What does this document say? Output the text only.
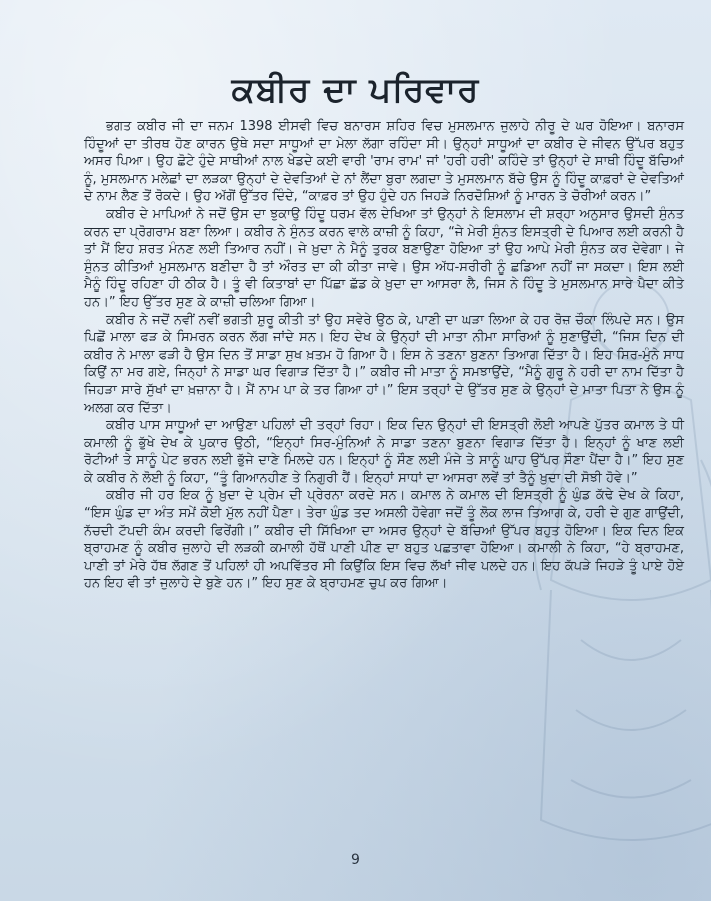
ਕਬੀਰ ਦਾ ਪਰਿਵਾਰ

ਭਗਤ ਕਬੀਰ ਜੀ ਦਾ ਜਨਮ 1398 ਈਸਵੀ ਵਿਚ ਬਨਾਰਸ ਸ਼ਹਿਰ ਵਿਚ ਮੁਸਲਮਾਨ ਜੁਲਾਹੇ ਨੀਰੂ ਦੇ ਘਰ ਹੋਇਆ। ਬਨਾਰਸ ਹਿੰਦੂਆਂ ਦਾ ਤੀਰਥ ਹੋਣ ਕਾਰਨ ਉਥੇ ਸਦਾ ਸਾਧੂਆਂ ਦਾ ਮੇਲਾ ਲੱਗਾ ਰਹਿੰਦਾ ਸੀ। ਉਨ੍ਹਾਂ ਸਾਧੂਆਂ ਦਾ ਕਬੀਰ ਦੇ ਜੀਵਨ ਉੱਪਰ ਬਹੁਤ ਅਸਰ ਪਿਆ। ਉਹ ਛੋਟੇ ਹੁੰਦੇ ਸਾਥੀਆਂ ਨਾਲ ਖੇਡਦੇ ਕਈ ਵਾਰੀ 'ਰਾਮ ਰਾਮ' ਜਾਂ 'ਹਰੀ ਹਰੀ' ਕਹਿੰਦੇ ਤਾਂ ਉਨ੍ਹਾਂ ਦੇ ਸਾਥੀ ਹਿੰਦੂ ਬੱਚਿਆਂ ਨੂੰ, ਮੁਸਲਮਾਨ ਮਲੇਛਾਂ ਦਾ ਲੜਕਾ ਉਨ੍ਹਾਂ ਦੇ ਦੇਵਤਿਆਂ ਦੇ ਨਾਂ ਲੈਂਦਾ ਬੁਰਾ ਲਗਦਾ ਤੇ ਮੁਸਲਮਾਨ ਬੱਚੇ ਉਸ ਨੂੰ ਹਿੰਦੂ ਕਾਫ਼ਰਾਂ ਦੇ ਦੇਵਤਿਆਂ ਦੇ ਨਾਮ ਲੈਣ ਤੋਂ ਰੋਕਦੇ। ਉਹ ਅੱਗੋਂ ਉੱਤਰ ਦਿੰਦੇ, “ਕਾਫ਼ਰ ਤਾਂ ਉਹ ਹੁੰਦੇ ਹਨ ਜਿਹੜੇ ਨਿਰਦੋਸ਼ਿਆਂ ਨੂੰ ਮਾਰਨ ਤੇ ਚੋਰੀਆਂ ਕਰਨ।”

ਕਬੀਰ ਦੇ ਮਾਪਿਆਂ ਨੇ ਜਦੋਂ ਉਸ ਦਾ ਝੁਕਾਉ ਹਿੰਦੂ ਧਰਮ ਵੱਲ ਦੇਖਿਆ ਤਾਂ ਉਨ੍ਹਾਂ ਨੇ ਇਸਲਾਮ ਦੀ ਸ਼ਰ੍ਹਾ ਅਨੁਸਾਰ ਉਸਦੀ ਸੁੰਨਤ ਕਰਨ ਦਾ ਪ੍ਰੋਗਰਾਮ ਬਣਾ ਲਿਆ। ਕਬੀਰ ਨੇ ਸੁੰਨਤ ਕਰਨ ਵਾਲੇ ਕਾਜ਼ੀ ਨੂੰ ਕਿਹਾ, “ਜੇ ਮੇਰੀ ਸੁੰਨਤ ਇਸਤ੍ਰੀ ਦੇ ਪਿਆਰ ਲਈ ਕਰਨੀ ਹੈ ਤਾਂ ਮੈਂ ਇਹ ਸ਼ਰਤ ਮੰਨਣ ਲਈ ਤਿਆਰ ਨਹੀਂ। ਜੇ ਖ਼ੁਦਾ ਨੇ ਮੈਨੂੰ ਤੁਰਕ ਬਣਾਉਣਾ ਹੋਇਆ ਤਾਂ ਉਹ ਆਪੇ ਮੇਰੀ ਸੁੰਨਤ ਕਰ ਦੇਵੇਗਾ। ਜੇ ਸੁੰਨਤ ਕੀਤਿਆਂ ਮੁਸਲਮਾਨ ਬਣੀਦਾ ਹੈ ਤਾਂ ਔਰਤ ਦਾ ਕੀ ਕੀਤਾ ਜਾਵੇ। ਉਸ ਅੱਧ-ਸਰੀਰੀ ਨੂੰ ਛਡਿਆ ਨਹੀਂ ਜਾ ਸਕਦਾ। ਇਸ ਲਈ ਮੈਨੂੰ ਹਿੰਦੂ ਰਹਿਣਾ ਹੀ ਠੀਕ ਹੈ। ਤੂੰ ਵੀ ਕਿਤਾਬਾਂ ਦਾ ਪਿੱਛਾ ਛੱਡ ਕੇ ਖ਼ੁਦਾ ਦਾ ਆਸਰਾ ਲੈ, ਜਿਸ ਨੇ ਹਿੰਦੂ ਤੇ ਮੁਸਲਮਾਨ ਸਾਰੇ ਪੈਦਾ ਕੀਤੇ ਹਨ।” ਇਹ ਉੱਤਰ ਸੁਣ ਕੇ ਕਾਜ਼ੀ ਚਲਿਆ ਗਿਆ।

ਕਬੀਰ ਨੇ ਜਦੋਂ ਨਵੀਂ ਨਵੀਂ ਭਗਤੀ ਸ਼ੁਰੂ ਕੀਤੀ ਤਾਂ ਉਹ ਸਵੇਰੇ ਉਠ ਕੇ, ਪਾਣੀ ਦਾ ਘੜਾ ਲਿਆ ਕੇ ਹਰ ਰੋਜ਼ ਚੌਕਾ ਲਿੰਪਦੇ ਸਨ। ਉਸ ਪਿਛੋਂ ਮਾਲਾ ਫੜ ਕੇ ਸਿਮਰਨ ਕਰਨ ਲੱਗ ਜਾਂਦੇ ਸਨ। ਇਹ ਦੇਖ ਕੇ ਉਨ੍ਹਾਂ ਦੀ ਮਾਤਾ ਨੀਮਾ ਸਾਰਿਆਂ ਨੂੰ ਸੁਣਾਉਂਦੀ, “ਜਿਸ ਦਿਨ ਦੀ ਕਬੀਰ ਨੇ ਮਾਲਾ ਫੜੀ ਹੈ ਉਸ ਦਿਨ ਤੋਂ ਸਾਡਾ ਸੁਖ ਖ਼ਤਮ ਹੋ ਗਿਆ ਹੈ। ਇਸ ਨੇ ਤਣਨਾ ਬੁਣਨਾ ਤਿਆਗ ਦਿੱਤਾ ਹੈ। ਇਹ ਸਿਰ-ਮੁੰਨੇ ਸਾਧ ਕਿਉਂ ਨਾ ਮਰ ਗਏ, ਜਿਨ੍ਹਾਂ ਨੇ ਸਾਡਾ ਘਰ ਵਿਗਾੜ ਦਿੱਤਾ ਹੈ।” ਕਬੀਰ ਜੀ ਮਾਤਾ ਨੂੰ ਸਮਝਾਉਂਦੇ, “ਮੈਨੂੰ ਗੁਰੂ ਨੇ ਹਰੀ ਦਾ ਨਾਮ ਦਿੱਤਾ ਹੈ ਜਿਹੜਾ ਸਾਰੇ ਸੁੱਖਾਂ ਦਾ ਖ਼ਜ਼ਾਨਾ ਹੈ। ਮੈਂ ਨਾਮ ਪਾ ਕੇ ਤਰ ਗਿਆ ਹਾਂ।” ਇਸ ਤਰ੍ਹਾਂ ਦੇ ਉੱਤਰ ਸੁਣ ਕੇ ਉਨ੍ਹਾਂ ਦੇ ਮਾਤਾ ਪਿਤਾ ਨੇ ਉਸ ਨੂੰ ਅਲਗ ਕਰ ਦਿੱਤਾ।

ਕਬੀਰ ਪਾਸ ਸਾਧੂਆਂ ਦਾ ਆਉਣਾ ਪਹਿਲਾਂ ਦੀ ਤਰ੍ਹਾਂ ਰਿਹਾ। ਇਕ ਦਿਨ ਉਨ੍ਹਾਂ ਦੀ ਇਸਤ੍ਰੀ ਲੋਈ ਆਪਣੇ ਪੁੱਤਰ ਕਮਾਲ ਤੇ ਧੀ ਕਮਾਲੀ ਨੂੰ ਭੁੱਖੇ ਦੇਖ ਕੇ ਪੁਕਾਰ ਉਠੀ, “ਇਨ੍ਹਾਂ ਸਿਰ-ਮੁੰਨਿਆਂ ਨੇ ਸਾਡਾ ਤਣਨਾ ਬੁਣਨਾ ਵਿਗਾੜ ਦਿੱਤਾ ਹੈ। ਇਨ੍ਹਾਂ ਨੂੰ ਖਾਣ ਲਈ ਰੋਟੀਆਂ ਤੇ ਸਾਨੂੰ ਪੇਟ ਭਰਨ ਲਈ ਭੁੱਜੇ ਦਾਣੇ ਮਿਲਦੇ ਹਨ। ਇਨ੍ਹਾਂ ਨੂੰ ਸੌਣ ਲਈ ਮੰਜੇ ਤੇ ਸਾਨੂੰ ਘਾਹ ਉੱਪਰ ਸੌਣਾ ਪੈਂਦਾ ਹੈ।” ਇਹ ਸੁਣ ਕੇ ਕਬੀਰ ਨੇ ਲੋਈ ਨੂੰ ਕਿਹਾ, “ਤੂੰ ਗਿਆਨਹੀਣ ਤੇ ਨਿਗੁਰੀ ਹੈਂ। ਇਨ੍ਹਾਂ ਸਾਧਾਂ ਦਾ ਆਸਰਾ ਲਵੇਂ ਤਾਂ ਤੈਨੂੰ ਖ਼ੁਦਾ ਦੀ ਸੋਝੀ ਹੋਵੇ।”

ਕਬੀਰ ਜੀ ਹਰ ਇਕ ਨੂੰ ਖ਼ੁਦਾ ਦੇ ਪ੍ਰੇਮ ਦੀ ਪ੍ਰੇਰਨਾ ਕਰਦੇ ਸਨ। ਕਮਾਲ ਨੇ ਕਮਾਲ ਦੀ ਇਸਤ੍ਰੀ ਨੂੰ ਘੁੰਡ ਕੱਢੇ ਦੇਖ ਕੇ ਕਿਹਾ, “ਇਸ ਘੁੰਡ ਦਾ ਅੰਤ ਸਮੇਂ ਕੋਈ ਮੁੱਲ ਨਹੀਂ ਪੈਣਾ। ਤੇਰਾ ਘੁੰਡ ਤਦ ਅਸਲੀ ਹੋਵੇਗਾ ਜਦੋਂ ਤੂੰ ਲੋਕ ਲਾਜ ਤਿਆਗ ਕੇ, ਹਰੀ ਦੇ ਗੁਣ ਗਾਉਂਦੀ, ਨੱਚਦੀ ਟੱਪਦੀ ਕੰਮ ਕਰਦੀ ਫਿਰੇਂਗੀ।” ਕਬੀਰ ਦੀ ਸਿੱਖਿਆ ਦਾ ਅਸਰ ਉਨ੍ਹਾਂ ਦੇ ਬੱਚਿਆਂ ਉੱਪਰ ਬਹੁਤ ਹੋਇਆ। ਇਕ ਦਿਨ ਇਕ ਬ੍ਰਾਹਮਣ ਨੂੰ ਕਬੀਰ ਜੁਲਾਹੇ ਦੀ ਲੜਕੀ ਕਮਾਲੀ ਹੱਥੋਂ ਪਾਣੀ ਪੀਣ ਦਾ ਬਹੁਤ ਪਛਤਾਵਾ ਹੋਇਆ। ਕਮਾਲੀ ਨੇ ਕਿਹਾ, “ਹੇ ਬ੍ਰਾਹਮਣ, ਪਾਣੀ ਤਾਂ ਮੇਰੇ ਹੱਥ ਲੱਗਣ ਤੋਂ ਪਹਿਲਾਂ ਹੀ ਅਪਵਿੱਤਰ ਸੀ ਕਿਉਂਕਿ ਇਸ ਵਿਚ ਲੱਖਾਂ ਜੀਵ ਪਲਦੇ ਹਨ। ਇਹ ਕੱਪੜੇ ਜਿਹੜੇ ਤੂੰ ਪਾਏ ਹੋਏ ਹਨ ਇਹ ਵੀ ਤਾਂ ਜੁਲਾਹੇ ਦੇ ਬੁਣੇ ਹਨ।” ਇਹ ਸੁਣ ਕੇ ਬ੍ਰਾਹਮਣ ਚੁਪ ਕਰ ਗਿਆ।

9
